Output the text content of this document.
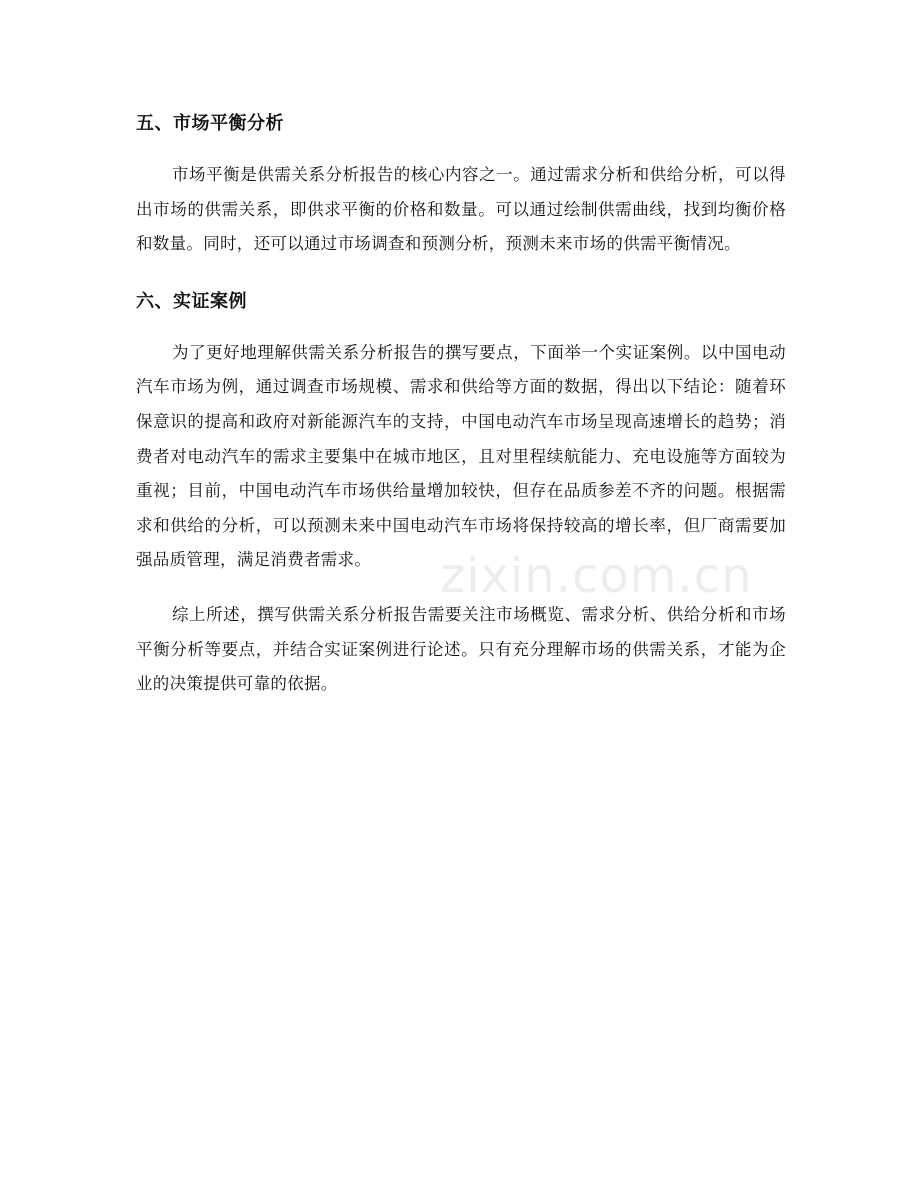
五、市场平衡分析

市场平衡是供需关系分析报告的核心内容之一。通过需求分析和供给分析，可以得出市场的供需关系，即供求平衡的价格和数量。可以通过绘制供需曲线，找到均衡价格和数量。同时，还可以通过市场调查和预测分析，预测未来市场的供需平衡情况。

六、实证案例

为了更好地理解供需关系分析报告的撰写要点，下面举一个实证案例。以中国电动汽车市场为例，通过调查市场规模、需求和供给等方面的数据，得出以下结论：随着环保意识的提高和政府对新能源汽车的支持，中国电动汽车市场呈现高速增长的趋势；消费者对电动汽车的需求主要集中在城市地区，且对里程续航能力、充电设施等方面较为重视；目前，中国电动汽车市场供给量增加较快，但存在品质参差不齐的问题。根据需求和供给的分析，可以预测未来中国电动汽车市场将保持较高的增长率，但厂商需要加强品质管理，满足消费者需求。

综上所述，撰写供需关系分析报告需要关注市场概览、需求分析、供给分析和市场平衡分析等要点，并结合实证案例进行论述。只有充分理解市场的供需关系，才能为企业的决策提供可靠的依据。

zixin.com.cn
